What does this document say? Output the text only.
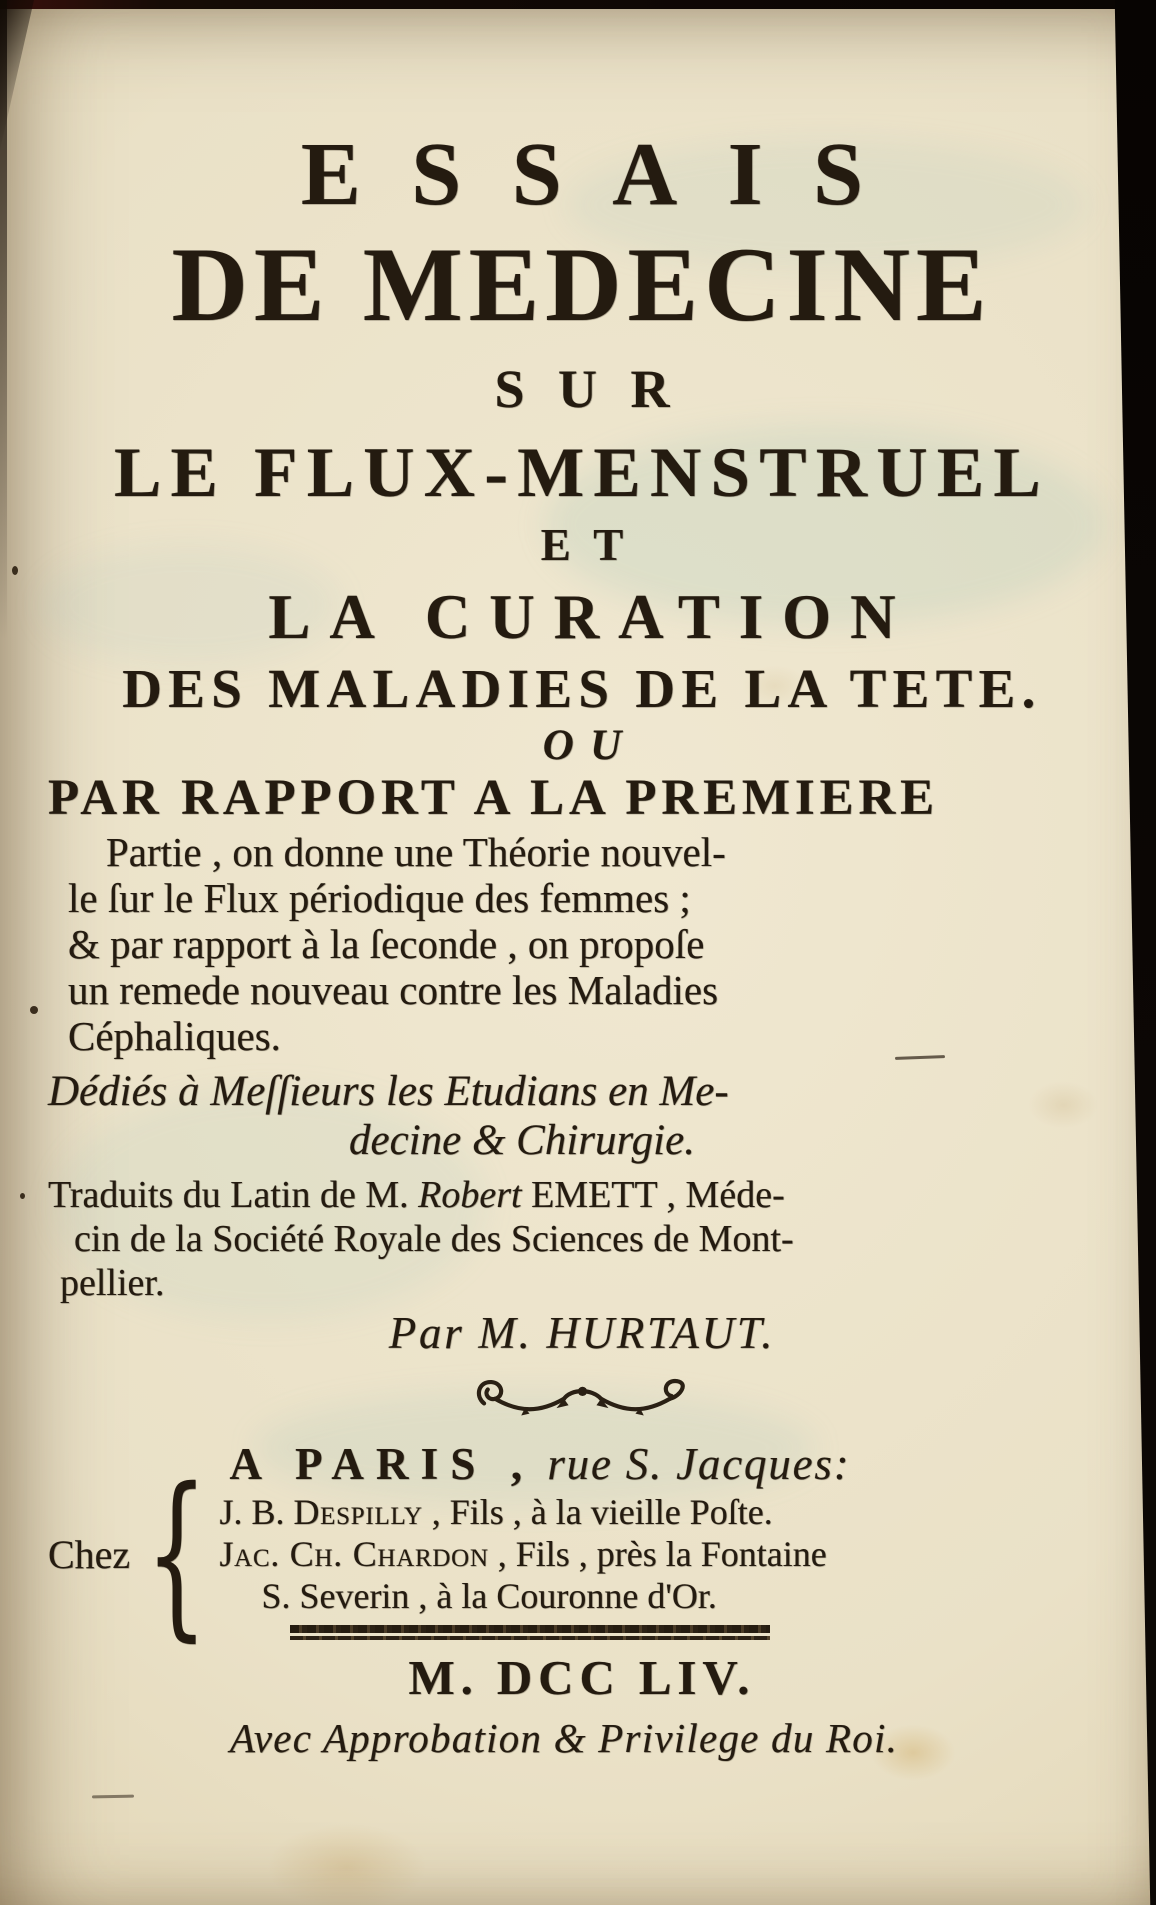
ESSAIS
DE MEDECINE
SUR
LE FLUX-MENSTRUEL
ET
LA CURATION
DES MALADIES DE LA TETE.
OU
PAR RAPPORT A LA PREMIERE
Partie , on donne une Théorie nouvel-
le ſur le Flux périodique des femmes ;
& par rapport à la ſeconde , on propoſe
un remede nouveau contre les Maladies
Céphaliques.
Dédiés à Meſſieurs les Etudians en Me-
decine & Chirurgie.
Traduits du Latin de M. Robert EMETT , Méde-
cin de la Société Royale des Sciences de Mont-
pellier.
Par M. HURTAUT.
A PARIS , rue S. Jacques:
Chez { J. B. Despilly , Fils , à la vieille Poſte.
Jac. Ch. Chardon , Fils , près la Fontaine
S. Severin , à la Couronne d'Or.
M. DCC LIV.
Avec Approbation & Privilege du Roi.
